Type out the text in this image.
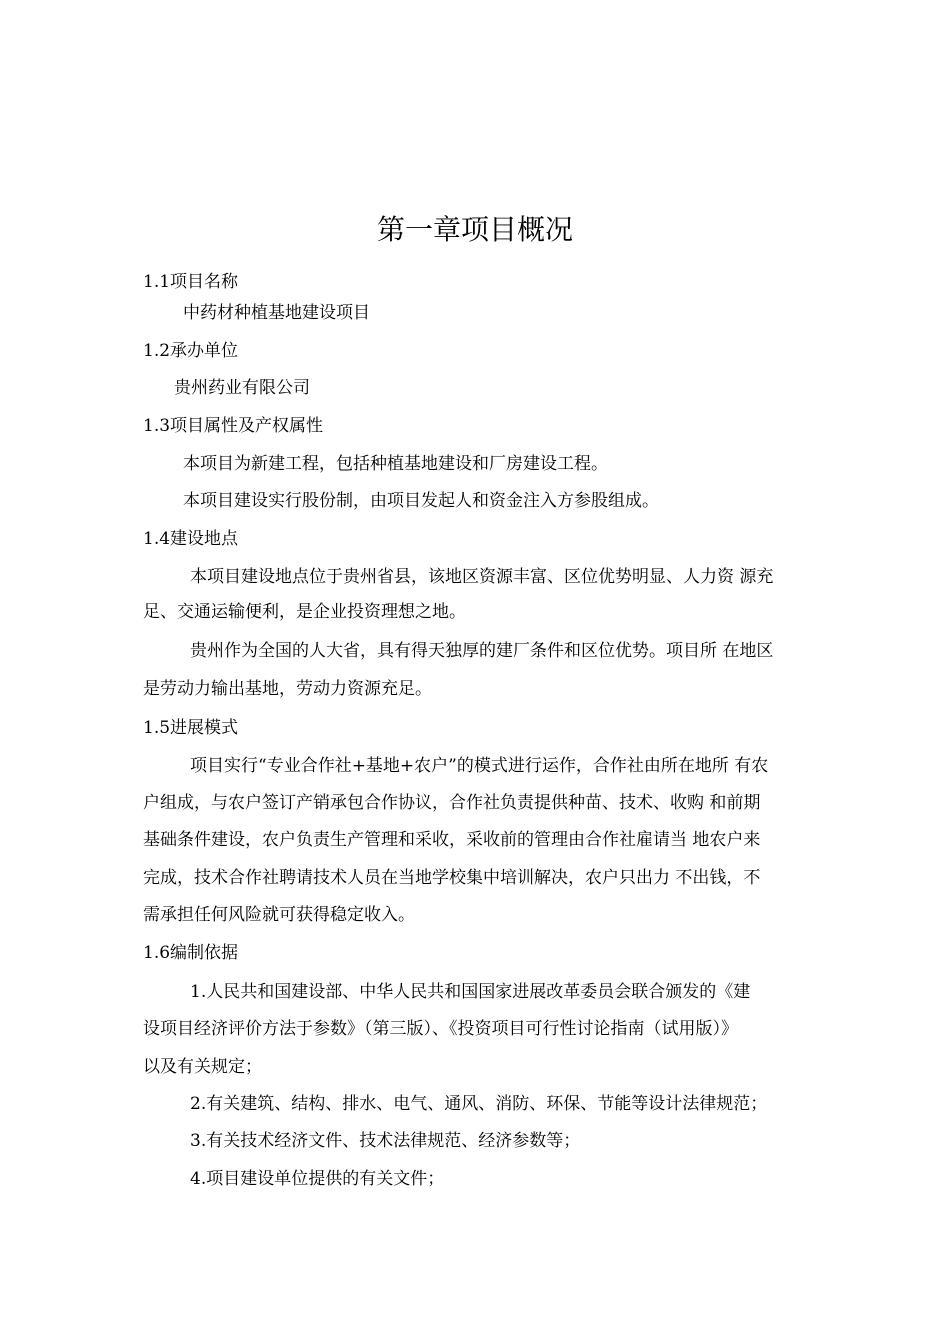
第一章项目概况
1.1项目名称
中药材种植基地建设项目
1.2承办单位
贵州药业有限公司
1.3项目属性及产权属性
本项目为新建工程，包括种植基地建设和厂房建设工程。
本项目建设实行股份制，由项目发起人和资金注入方参股组成。
1.4建设地点
本项目建设地点位于贵州省县，该地区资源丰富、区位优势明显、人力资 源充
足、交通运输便利，是企业投资理想之地。
贵州作为全国的人大省，具有得天独厚的建厂条件和区位优势。项目所 在地区
是劳动力输出基地，劳动力资源充足。
1.5进展模式
项目实行“专业合作社+基地+农户”的模式进行运作，合作社由所在地所 有农
户组成，与农户签订产销承包合作协议，合作社负责提供种苗、技术、收购 和前期
基础条件建设，农户负责生产管理和采收，采收前的管理由合作社雇请当 地农户来
完成，技术合作社聘请技术人员在当地学校集中培训解决，农户只出力 不出钱，不
需承担任何风险就可获得稳定收入。
1.6编制依据
1.人民共和国建设部、中华人民共和国国家进展改革委员会联合颁发的《建
设项目经济评价方法于参数》（第三版）、《投资项目可行性讨论指南（试用版）》
以及有关规定；
2.有关建筑、结构、排水、电气、通风、消防、环保、节能等设计法律规范；
3.有关技术经济文件、技术法律规范、经济参数等；
4.项目建设单位提供的有关文件；
